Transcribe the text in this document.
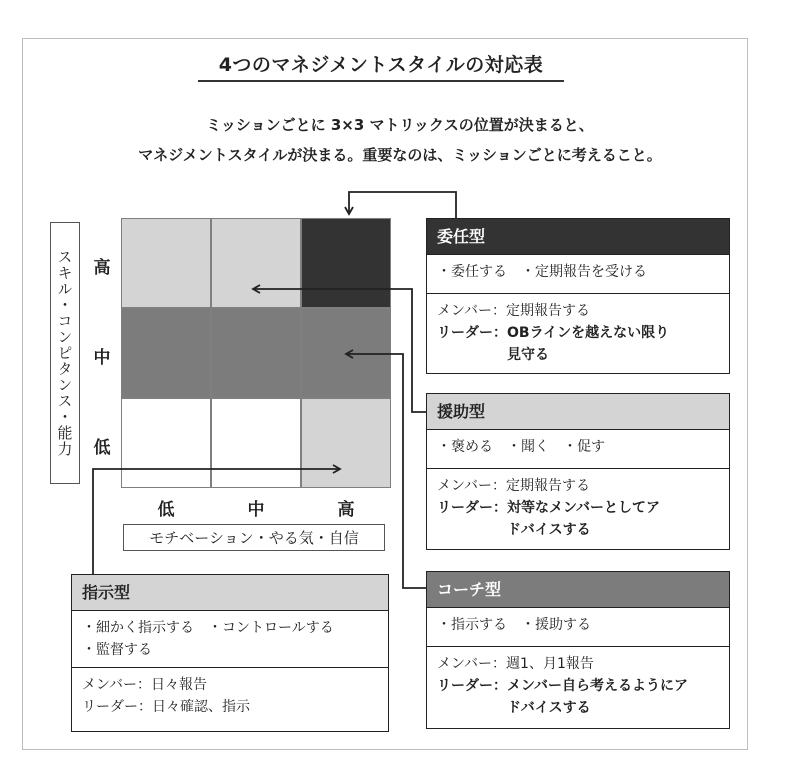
4つのマネジメントスタイルの対応表
ミッションごとに 3×3 マトリックスの位置が決まると、
マネジメントスタイルが決まる。重要なのは、ミッションごとに考えること。
高
中
低
低	中	高
スキル・コンピタンス・能力
モチベーション・やる気・自信
委任型
・委任する　・定期報告を受ける
メンバー： 定期報告する
リーダー： OBラインを越えない限り見守る
援助型
・褒める　・聞く　・促す
メンバー： 定期報告する
リーダー： 対等なメンバーとしてアドバイスする
コーチ型
・指示する　・援助する
メンバー： 週1、月1報告
リーダー： メンバー自ら考えるようにアドバイスする
指示型
・細かく指示する　・コントロールする
・監督する
メンバー： 日々報告
リーダー： 日々確認、指示
